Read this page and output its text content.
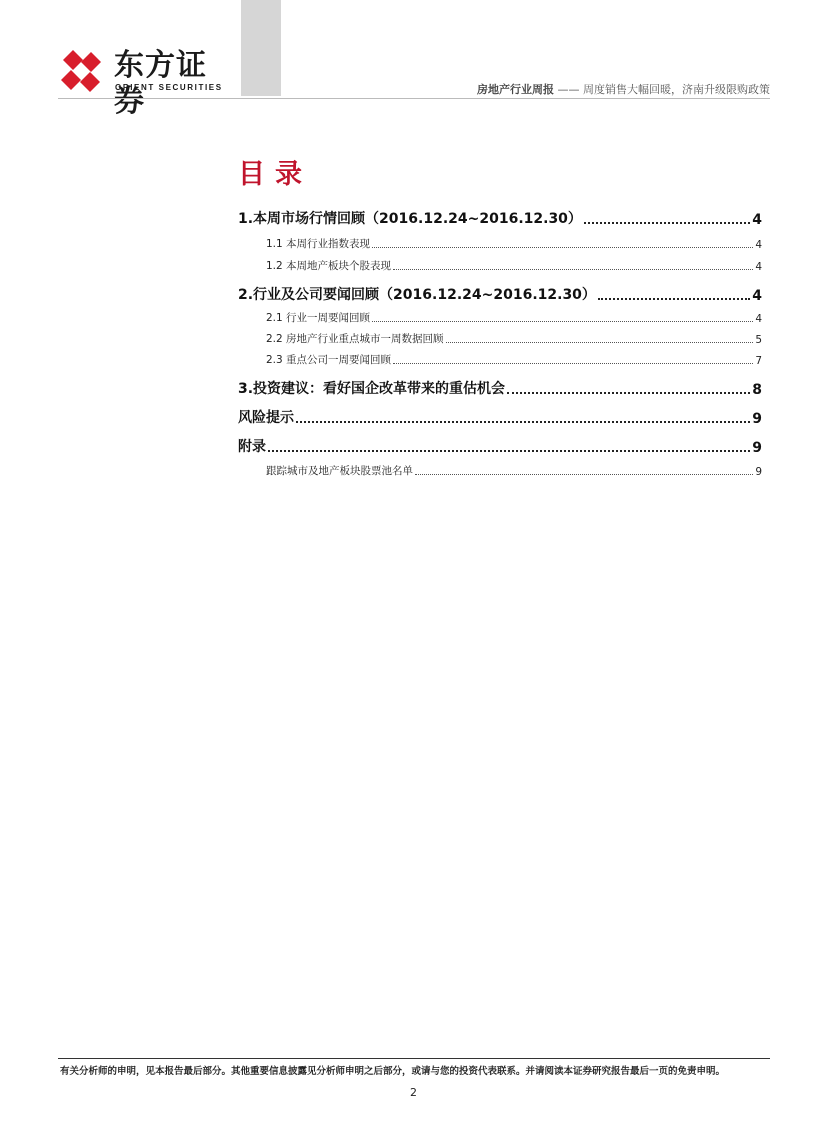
东方证券
ORIENT SECURITIES	房地产行业周报 —— 周度销售大幅回暖，济南升级限购政策
目录
1.本周市场行情回顾（2016.12.24~2016.12.30）	4
1.1 本周行业指数表现	4
1.2 本周地产板块个股表现	4
2.行业及公司要闻回顾（2016.12.24~2016.12.30）	4
2.1 行业一周要闻回顾	4
2.2 房地产行业重点城市一周数据回顾	5
2.3 重点公司一周要闻回顾	7
3.投资建议：看好国企改革带来的重估机会	8
风险提示	9
附录	9
跟踪城市及地产板块股票池名单	9
有关分析师的申明，见本报告最后部分。其他重要信息披露见分析师申明之后部分，或请与您的投资代表联系。并请阅读本证券研究报告最后一页的免责申明。
2
